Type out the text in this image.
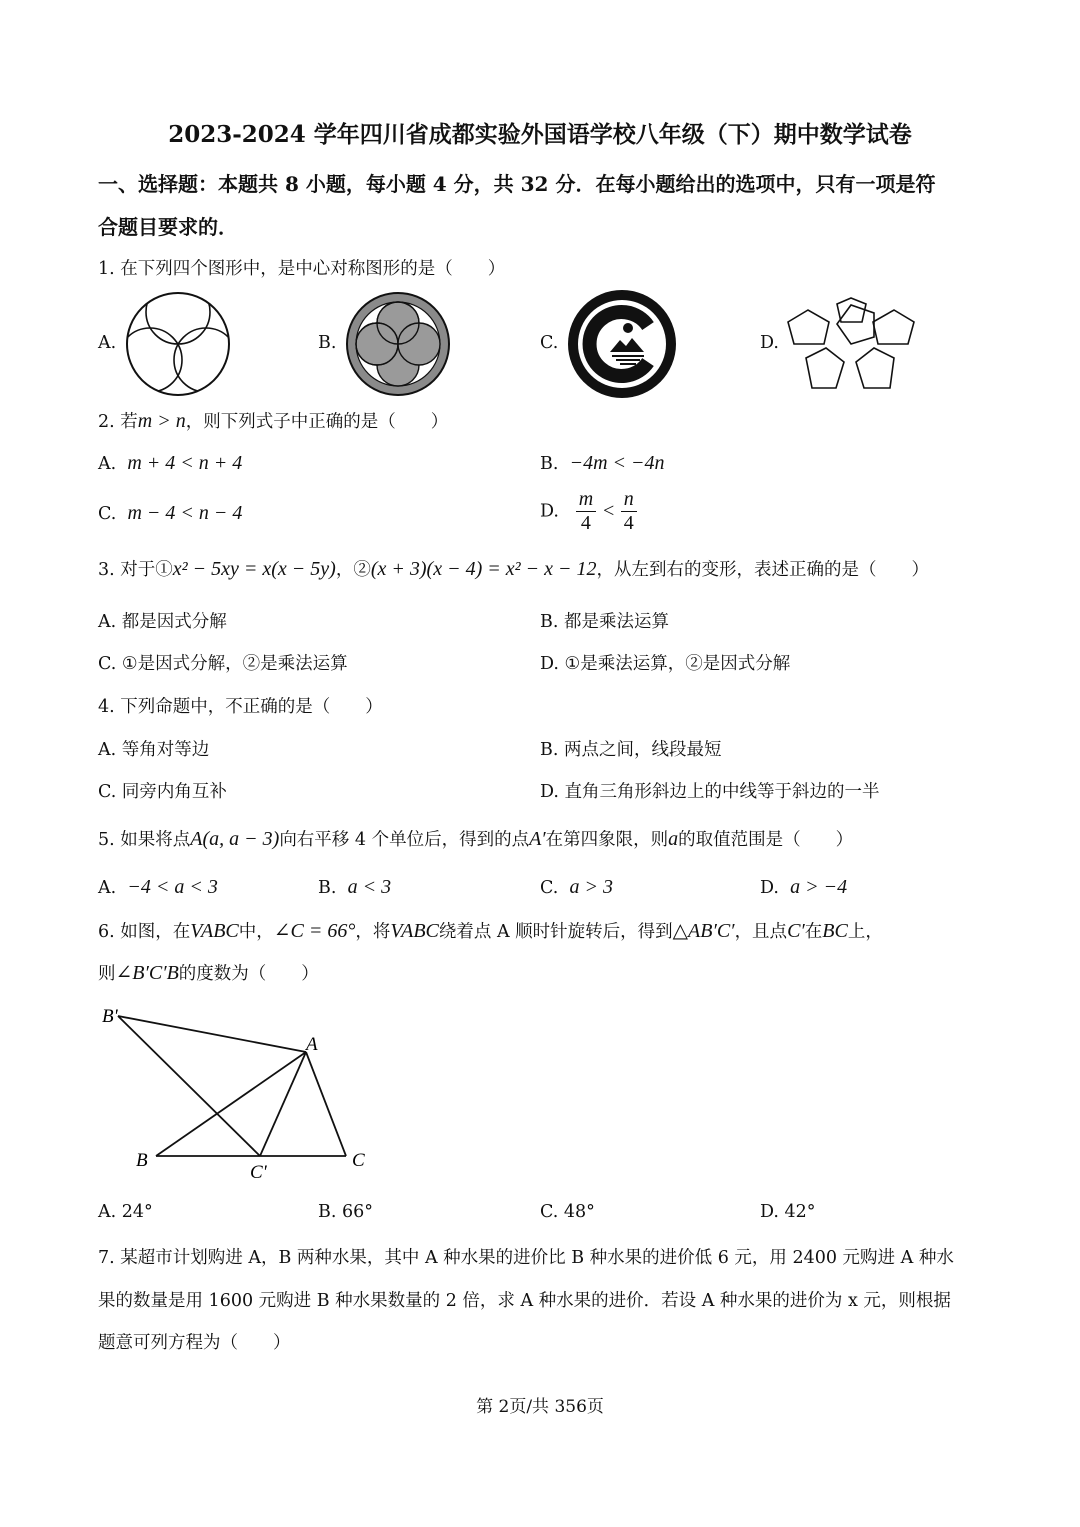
2023-2024 学年四川省成都实验外国语学校八年级（下）期中数学试卷
一、选择题：本题共 8 小题，每小题 4 分，共 32 分．在每小题给出的选项中，只有一项是符
合题目要求的．
1. 在下列四个图形中，是中心对称图形的是（　　）
A.	B.	C.	D.
2. 若m > n，则下列式子中正确的是（　　）
A. m + 4 < n + 4	B. −4m < −4n
C. m − 4 < n − 4	D. $\frac{m}{4} < \frac{n}{4}$
3. 对于①x² − 5xy = x(x − 5y)，②(x + 3)(x − 4) = x² − x − 12，从左到右的变形，表述正确的是（　　）
A. 都是因式分解	B. 都是乘法运算
C. ①是因式分解，②是乘法运算	D. ①是乘法运算，②是因式分解
4. 下列命题中，不正确的是（　　）
A. 等角对等边	B. 两点之间，线段最短
C. 同旁内角互补	D. 直角三角形斜边上的中线等于斜边的一半
5. 如果将点A(a, a − 3)向右平移 4 个单位后，得到的点A′在第四象限，则a的取值范围是（　　）
A. −4 < a < 3	B. a < 3	C. a > 3	D. a > −4
6. 如图，在VABC中，∠C = 66°，将VABC绕着点 A 顺时针旋转后，得到△AB′C′，且点C′在BC上，
则∠B′C′B的度数为（　　）
B'
A
B
C'
C
A. 24°	B. 66°	C. 48°	D. 42°
7. 某超市计划购进 A，B 两种水果，其中 A 种水果的进价比 B 种水果的进价低 6 元，用 2400 元购进 A 种水
果的数量是用 1600 元购进 B 种水果数量的 2 倍，求 A 种水果的进价．若设 A 种水果的进价为 x 元，则根据
题意可列方程为（　　）
第 2页/共 356页
